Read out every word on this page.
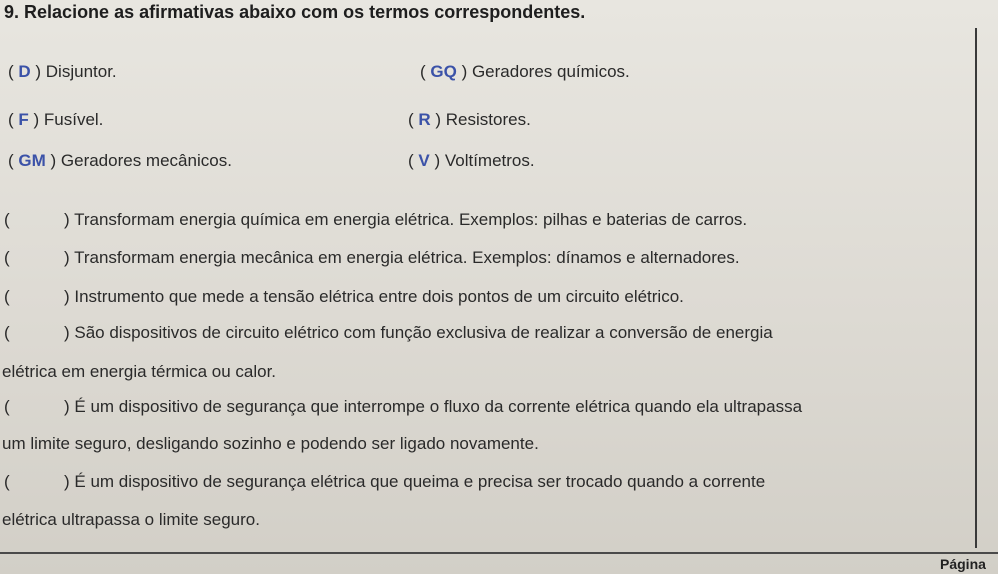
9. Relacione as afirmativas abaixo com os termos correspondentes.
( D ) Disjuntor.
( F ) Fusível.
( GM ) Geradores mecânicos.
( GQ ) Geradores químicos.
( R ) Resistores.
( V ) Voltímetros.
(	) Transformam energia química em energia elétrica. Exemplos: pilhas e baterias de carros.
(	) Transformam energia mecânica em energia elétrica. Exemplos: dínamos e alternadores.
(	) Instrumento que mede a tensão elétrica entre dois pontos de um circuito elétrico.
(	) São dispositivos de circuito elétrico com função exclusiva de realizar a conversão de energia
elétrica em energia térmica ou calor.
(	) É um dispositivo de segurança que interrompe o fluxo da corrente elétrica quando ela ultrapassa
um limite seguro, desligando sozinho e podendo ser ligado novamente.
(	) É um dispositivo de segurança elétrica que queima e precisa ser trocado quando a corrente
elétrica ultrapassa o limite seguro.
Página
